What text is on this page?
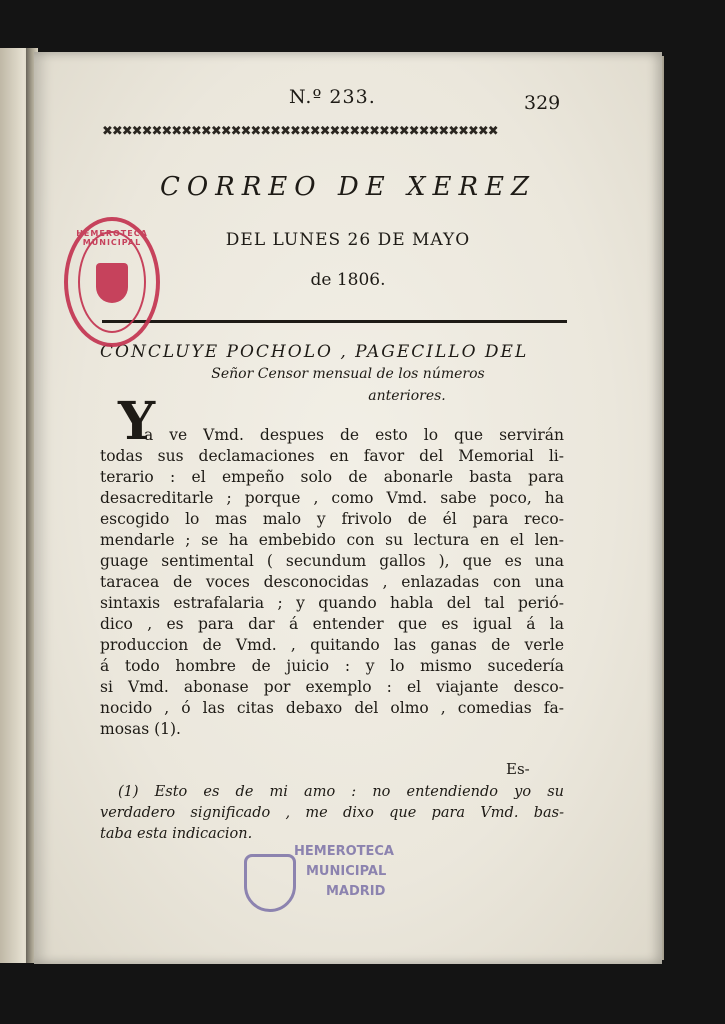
N.º 233.	329
✖✖✖✖✖✖✖✖✖✖✖✖✖✖✖✖✖✖✖✖✖✖✖✖✖✖✖✖✖✖✖✖✖✖✖✖✖✖✖✖
CORREO DE XEREZ
DEL LUNES 26 DE MAYO
de 1806.
CONCLUYE POCHOLO , PAGECILLO DEL
Señor Censor mensual de los números
anteriores.
Y
a ve Vmd. despues de esto lo que servirán
todas sus declamaciones en favor del Memorial li-
terario : el empeño solo de abonarle basta para
desacreditarle ; porque , como Vmd. sabe poco, ha
escogido lo mas malo y frivolo de él para reco-
mendarle ; se ha embebido con su lectura en el len-
guage sentimental ( secundum gallos ), que es una
taracea de voces desconocidas , enlazadas con una
sintaxis estrafalaria ; y quando habla del tal perió-
dico , es para dar á entender que es igual á la
produccion de Vmd. , quitando las ganas de verle
á todo hombre de juicio : y lo mismo sucedería
si Vmd. abonase por exemplo : el viajante desco-
nocido , ó las citas debaxo del olmo , comedias fa-
mosas (1).
Es-
(1) Esto es de mi amo : no entendiendo yo su
verdadero significado , me dixo que para Vmd. bas-
taba esta indicacion.
HEMEROTECA MUNICIPAL
HEMEROTECA
MUNICIPAL
MADRID
